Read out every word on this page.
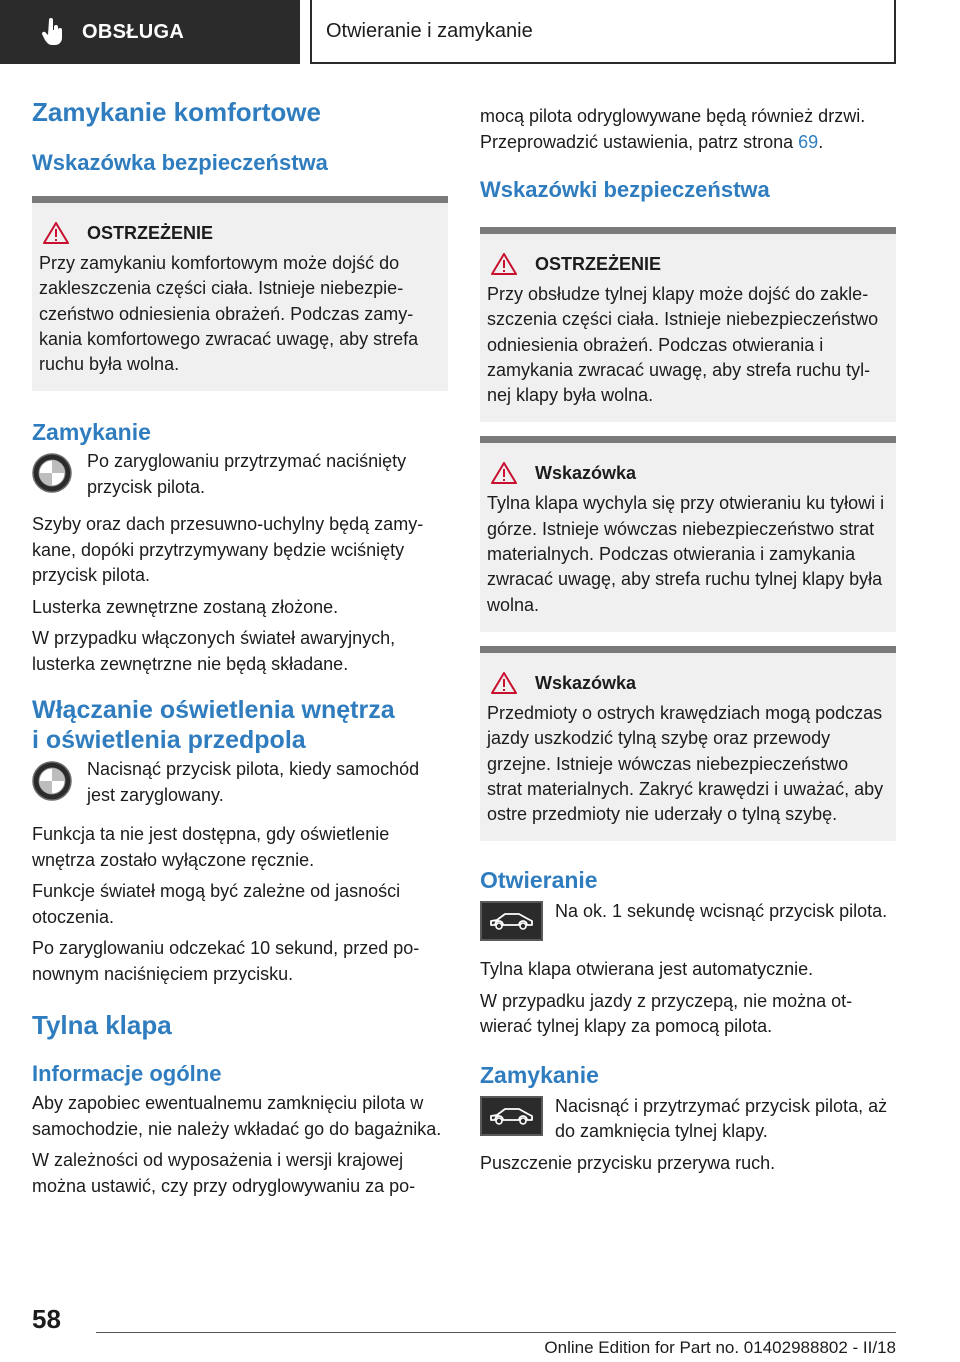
OBSŁUGA	Otwieranie i zamykanie
Zamykanie komfortowe
Wskazówka bezpieczeństwa
OSTRZEŻENIE
Przy zamykaniu komfortowym może dojść do zakleszczenia części ciała. Istnieje niebezpieczeństwo odniesienia obrażeń. Podczas zamykania komfortowego zwracać uwagę, aby strefa ruchu była wolna.
Zamykanie
Po zaryglowaniu przytrzymać naciśnięty przycisk pilota.
Szyby oraz dach przesuwno-uchylny będą zamykane, dopóki przytrzymywany będzie wciśnięty przycisk pilota.
Lusterka zewnętrzne zostaną złożone.
W przypadku włączonych świateł awaryjnych, lusterka zewnętrzne nie będą składane.
Włączanie oświetlenia wnętrza
i oświetlenia przedpola
Nacisnąć przycisk pilota, kiedy samochód jest zaryglowany.
Funkcja ta nie jest dostępna, gdy oświetlenie wnętrza zostało wyłączone ręcznie.
Funkcje świateł mogą być zależne od jasności otoczenia.
Po zaryglowaniu odczekać 10 sekund, przed ponownym naciśnięciem przycisku.
Tylna klapa
Informacje ogólne
Aby zapobiec ewentualnemu zamknięciu pilota w samochodzie, nie należy wkładać go do bagażnika.
W zależności od wyposażenia i wersji krajowej można ustawić, czy przy odryglowywaniu za po-
mocą pilota odryglowywane będą również drzwi. Przeprowadzić ustawienia, patrz strona 69.
Wskazówki bezpieczeństwa
OSTRZEŻENIE
Przy obsłudze tylnej klapy może dojść do zakleszczenia części ciała. Istnieje niebezpieczeństwo odniesienia obrażeń. Podczas otwierania i zamykania zwracać uwagę, aby strefa ruchu tylnej klapy była wolna.
Wskazówka
Tylna klapa wychyla się przy otwieraniu ku tyłowi i górze. Istnieje wówczas niebezpieczeństwo strat materialnych. Podczas otwierania i zamykania zwracać uwagę, aby strefa ruchu tylnej klapy była wolna.
Wskazówka
Przedmioty o ostrych krawędziach mogą podczas jazdy uszkodzić tylną szybę oraz przewody grzejne. Istnieje wówczas niebezpieczeństwo strat materialnych. Zakryć krawędzi i uważać, aby ostre przedmioty nie uderzały o tylną szybę.
Otwieranie
Na ok. 1 sekundę wcisnąć przycisk pilota.
Tylna klapa otwierana jest automatycznie.
W przypadku jazdy z przyczepą, nie można otwierać tylnej klapy za pomocą pilota.
Zamykanie
Nacisnąć i przytrzymać przycisk pilota, aż do zamknięcia tylnej klapy.
Puszczenie przycisku przerywa ruch.
58
Online Edition for Part no. 01402988802 - II/18
